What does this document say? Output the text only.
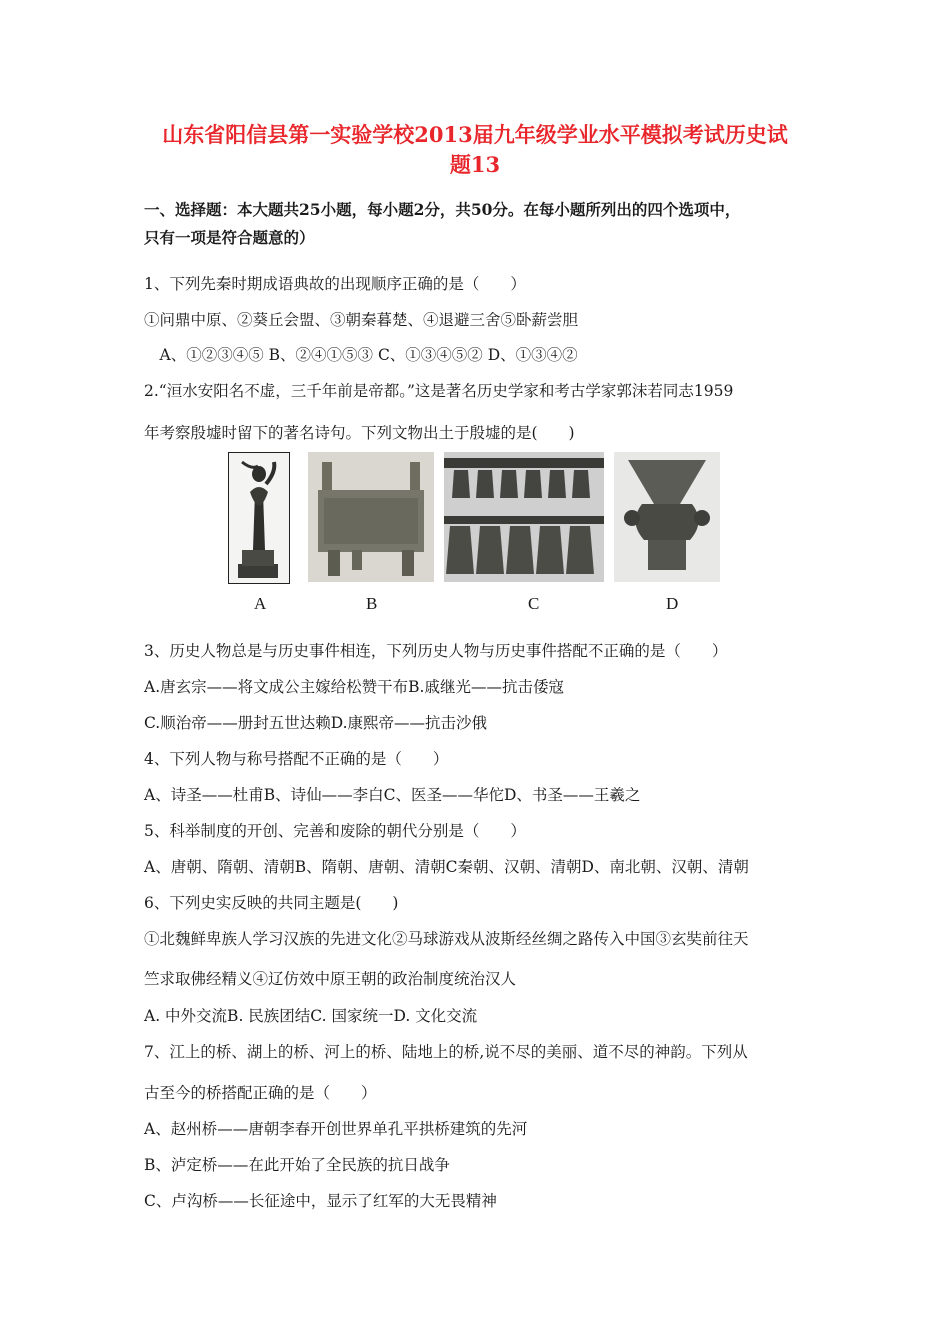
山东省阳信县第一实验学校2013届九年级学业水平模拟考试历史试
题13
一、选择题：本大题共25小题，每小题2分，共50分。在每小题所列出的四个选项中，
只有一项是符合题意的）
1、下列先秦时期成语典故的出现顺序正确的是（　　）
①问鼎中原、②葵丘会盟、③朝秦暮楚、④退避三舍⑤卧薪尝胆
　A、①②③④⑤ B、②④①⑤③ C、①③④⑤② D、①③④②
2.“洹水安阳名不虚，三千年前是帝都。”这是著名历史学家和考古学家郭沫若同志1959
年考察殷墟时留下的著名诗句。下列文物出土于殷墟的是(　　)
A	B	C	D
3、历史人物总是与历史事件相连，下列历史人物与历史事件搭配不正确的是（　　）
A.唐玄宗——将文成公主嫁给松赞干布B.戚继光——抗击倭寇
C.顺治帝——册封五世达赖D.康熙帝——抗击沙俄
4、下列人物与称号搭配不正确的是（　　）
A、诗圣——杜甫B、诗仙——李白C、医圣——华佗D、书圣——王羲之
5、科举制度的开创、完善和废除的朝代分别是（　　）
A、唐朝、隋朝、清朝B、隋朝、唐朝、清朝C秦朝、汉朝、清朝D、南北朝、汉朝、清朝
6、下列史实反映的共同主题是(　　)
①北魏鲜卑族人学习汉族的先进文化②马球游戏从波斯经丝绸之路传入中国③玄奘前往天
竺求取佛经精义④辽仿效中原王朝的政治制度统治汉人
A. 中外交流B. 民族团结C. 国家统一D. 文化交流
7、江上的桥、湖上的桥、河上的桥、陆地上的桥,说不尽的美丽、道不尽的神韵。下列从
古至今的桥搭配正确的是（　　）
A、赵州桥——唐朝李春开创世界单孔平拱桥建筑的先河
B、泸定桥——在此开始了全民族的抗日战争
C、卢沟桥——长征途中，显示了红军的大无畏精神
